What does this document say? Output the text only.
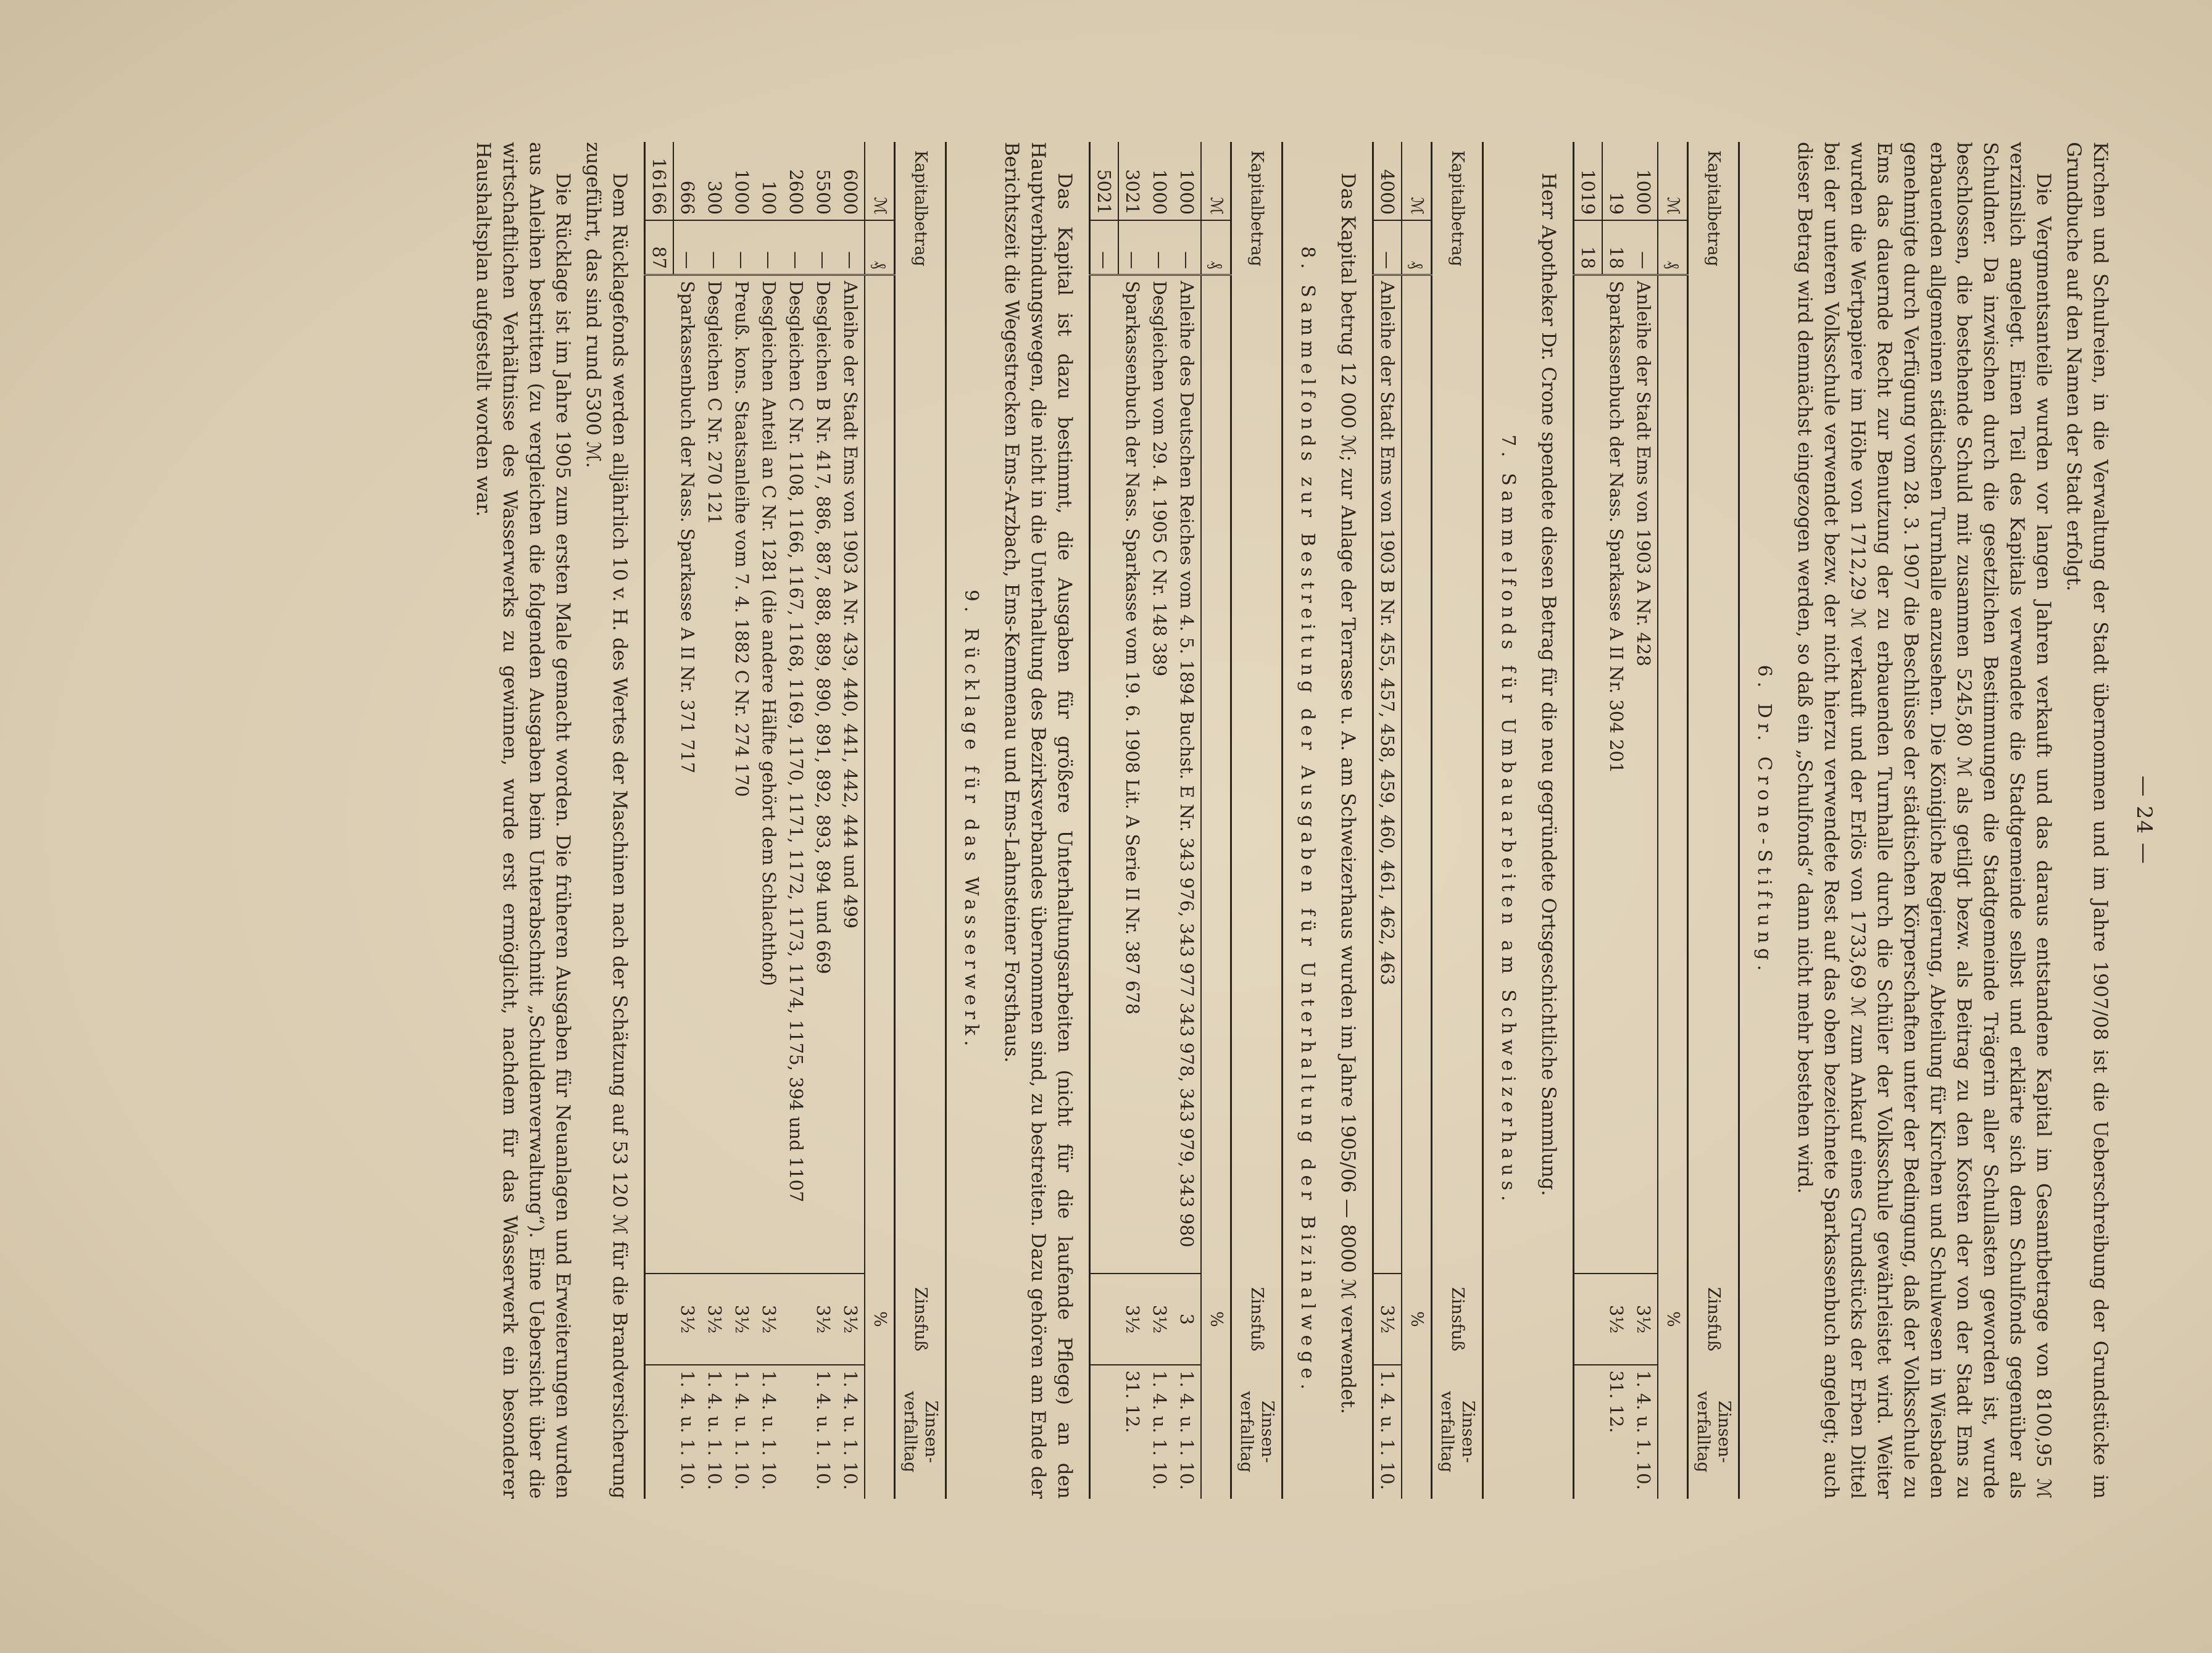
— 24 —

Kirchen und Schulreien, in die Verwaltung der Stadt übernommen und im Jahre 1907/08 ist die Ueberschreibung der Grundstücke im Grundbuche auf den Namen der Stadt erfolgt.

Die Vergmentsanteile wurden vor langen Jahren verkauft und das daraus entstandene Kapital im Gesamtbetrage von 8100,95 ℳ verzinslich angelegt. Einen Teil des Kapitals verwendete die Stadtgemeinde selbst und erklärte sich dem Schulfonds gegenüber als Schuldner. Da inzwischen durch die gesetzlichen Bestimmungen die Stadtgemeinde Trägerin aller Schullasten geworden ist, wurde beschlossen, die bestehende Schuld mit zusammen 5245,80 ℳ als getilgt bezw. als Beitrag zu den Kosten der von der Stadt Ems zu erbauenden allgemeinen städtischen Turnhalle anzusehen. Die Königliche Regierung, Abteilung für Kirchen und Schulwesen in Wiesbaden genehmigte durch Verfügung vom 28. 3. 1907 die Beschlüsse der städtischen Körperschaften unter der Bedingung, daß der Volksschule zu Ems das dauernde Recht zur Benutzung der zu erbauenden Turnhalle durch die Schüler der Volksschule gewährleistet wird. Weiter wurden die Wertpapiere im Höhe von 1712,29 ℳ verkauft und der Erlös von 1733,69 ℳ zum Ankauf eines Grundstücks der Erben Dittel bei der unteren Volksschule verwendet bezw. der nicht hierzu verwendete Rest auf das oben bezeichnete Sparkassenbuch angelegt; auch dieser Betrag wird demnächst eingezogen werden, so daß ein „Schulfonds“ dann nicht mehr bestehen wird.

6. Dr. Crone-Stiftung.
Kapitalbetrag			Zinsfuß	Zinsen-verfalltag
ℳ	₰		%	
1000	—	Anleihe der Stadt Ems von 1903 A Nr. 428	3½	1. 4. u. 1. 10.
19	18	Sparkassenbuch der Nass. Sparkasse A II Nr. 304 201	3½	31. 12.
1019	18			

Herr Apotheker Dr. Crone spendete diesen Betrag für die neu gegründete Ortsgeschichtliche Sammlung.

7. Sammelfonds für Umbauarbeiten am Schweizerhaus.
Kapitalbetrag			Zinsfuß	Zinsen-verfalltag
ℳ	₰		%	
4000	—	Anleihe der Stadt Ems von 1903 B Nr. 455, 457, 458, 459, 460, 461, 462, 463	3½	1. 4. u. 1. 10.

Das Kapital betrug 12 000 ℳ; zur Anlage der Terrasse u. A. am Schweizerhaus wurden im Jahre 1905/06 — 8000 ℳ verwendet.

8. Sammelfonds zur Bestreitung der Ausgaben für Unterhaltung der Bizinalwege.
Kapitalbetrag			Zinsfuß	Zinsen-verfalltag
ℳ	₰		%	
1000	—	Anleihe des Deutschen Reiches vom 4. 5. 1894 Buchst. E Nr. 343 976, 343 977 343 978, 343 979, 343 980	3	1. 4. u. 1. 10.
1000	—	Desgleichen vom 29. 4. 1905 C Nr. 148 389	3½	1. 4. u. 1. 10.
3021	—	Sparkassenbuch der Nass. Sparkasse vom 19. 6. 1908 Lit. A Serie II Nr. 387 678	3½	31. 12.
5021	—			

Das Kapital ist dazu bestimmt, die Ausgaben für größere Unterhaltungsarbeiten (nicht für die laufende Pflege) an den Hauptverbindungswegen, die nicht in die Unterhaltung des Bezirksverbandes übernommen sind, zu bestreiten. Dazu gehören am Ende der Berichtszeit die Wegestrecken Ems-Arzbach, Ems-Kemmenau und Ems-Lahnsteiner Forsthaus.

9. Rücklage für das Wasserwerk.
Kapitalbetrag			Zinsfuß	Zinsen-verfalltag
ℳ	₰		%	
6000	—	Anleihe der Stadt Ems von 1903 A Nr. 439, 440, 441, 442, 444 und 499	3½	1. 4. u. 1. 10.
5500	—	Desgleichen B Nr. 417, 886, 887, 888, 889, 890, 891, 892, 893, 894 und 669	3½	1. 4. u. 1. 10.
2600	—	Desgleichen C Nr. 1108, 1166, 1167, 1168, 1169, 1170, 1171, 1172, 1173, 1174, 1175, 394 und 1107		
100	—	Desgleichen Anteil an C Nr. 1281 (die andere Hälfte gehört dem Schlachthof)	3½	1. 4. u. 1. 10.
1000	—	Preuß. kons. Staatsanleihe vom 7. 4. 1882 C Nr. 274 170	3½	1. 4. u. 1. 10.
300	—	Desgleichen C Nr. 270 121	3½	1. 4. u. 1. 10.
666	—	Sparkassenbuch der Nass. Sparkasse A II Nr. 371 717	3½	1. 4. u. 1. 10.
16166	87			

Dem Rücklagefonds werden alljährlich 10 v. H. des Wertes der Maschinen nach der Schätzung auf 53 120 ℳ für die Brandversicherung zugeführt, das sind rund 5300 ℳ.

Die Rücklage ist im Jahre 1905 zum ersten Male gemacht worden. Die früheren Ausgaben für Neuanlagen und Erweiterungen wurden aus Anleihen bestritten (zu vergleichen die folgenden Ausgaben beim Unterabschnitt „Schuldenverwaltung“). Eine Uebersicht über die wirtschaftlichen Verhältnisse des Wasserwerks zu gewinnen, wurde erst ermöglicht, nachdem für das Wasserwerk ein besonderer Haushaltsplan aufgestellt worden war.
